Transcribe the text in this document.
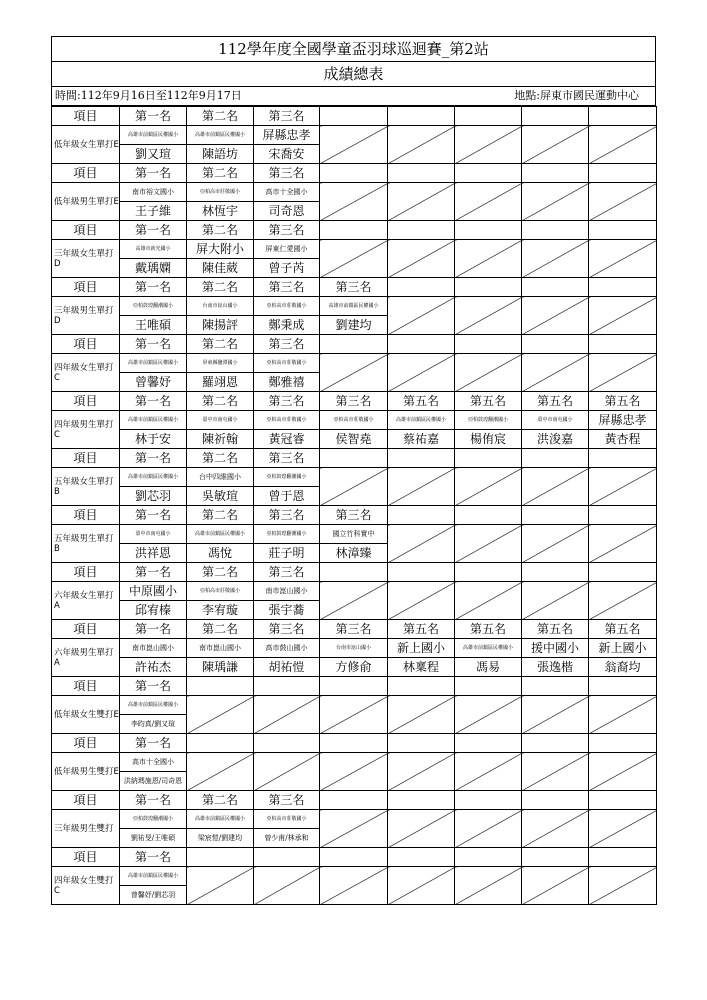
112學年度全國學童盃羽球巡迴賽_第2站
成績總表
時間:112年9月16日至112年9月17日	地點:屏東市國民運動中心
項目	第一名	第二名	第三名					
低年級女生單打E	高雄市前鎮區民權國小	高雄市前鎮區民權國小	屏縣忠孝					

	劉又瑄	陳語坊	宋喬安					

項目	第一名	第二名	第三名					
低年級男生單打E	南市裕文國小	亞柏高市莊敬國小	高市十全國小					

	王子維	林恆宇	司奇恩					

項目	第一名	第二名	第三名					
三年級女生單打D	高雄市新光國小	屏大附小	屏東仁愛國小					

	戴瑀嫻	陳佳葳	曾子芮					

項目	第一名	第二名	第三名	第三名				
三年級男生單打D	亞柏鼓瑝翻潮國小	台南市崑山國小	亞柏高市莊敬國小	高雄市前鎮區民權國小				

	王唯碩	陳揚評	鄭秉成	劉建均				

項目	第一名	第二名	第三名					
四年級女生單打C	高雄市前鎮區民權國小	屏東縣鹽潭國小	亞柏高市莊敬國小					

	曾馨妤	羅翊恩	鄭雅禧					

項目	第一名	第二名	第三名	第三名	第五名	第五名	第五名	第五名
四年級男生單打C	高雄市前鎮區民權國小	臺中市南屯國小	亞柏高市莊敬國小	亞柏高市莊敬國小	高雄市前鎮區民權國小	亞柏鼓瑝翻潮國小	臺中市南屯國小	屏縣忠孝

	林于安	陳祈翰	黃冠睿	侯智堯	蔡祐嘉	楊侑宸	洪浚嘉	黃杏程

項目	第一名	第二名	第三名					
五年級女生單打B	高雄市前鎮區民權國小	台中四維國小	亞柏鼓瑝翻潮國小					

	劉芯羽	吳敏瑄	曾于恩					

項目	第一名	第二名	第三名	第三名				
五年級男生單打B	臺中市南屯國小	高雄市前鎮區民權國小	亞柏鼓瑝翻潮國小	國立竹科實中				

	洪祥恩	馮悅	莊子明	林漳臻				

項目	第一名	第二名	第三名					
六年級女生單打A	中原國小	亞柏高市莊敬國小	南市崑山國小					

	邱宥榛	李宥璇	張宇蕎					

項目	第一名	第二名	第三名	第三名	第五名	第五名	第五名	第五名
六年級男生單打A	南市崑山國小	南市崑山國小	高市鼓山國小	台南市崑山國小	新上國小	高雄市前鎮區民權國小	援中國小	新上國小

	許祐杰	陳瑀謙	胡祐愷	方修俞	林稟程	馮易	張逸楷	翁裔均

項目	第一名							
低年級女生雙打E	高雄市前鎮區民權國小							

	李昀真/劉又瑄							

項目	第一名							
低年級男生雙打E	高市十全國小							

	洪納瑪施恩/司奇恩							

項目	第一名	第二名	第三名					
三年級男生雙打	亞柏鼓瑝翻潮國小	高雄市前鎮區民權國小	亞柏高市莊敬國小					

	劉祐旻/王唯碩	梁宸愷/劉建均	曾少甫/林承和					

項目	第一名							
四年級女生雙打C	高雄市前鎮區民權國小							

	曾馨妤/劉芯羽							
